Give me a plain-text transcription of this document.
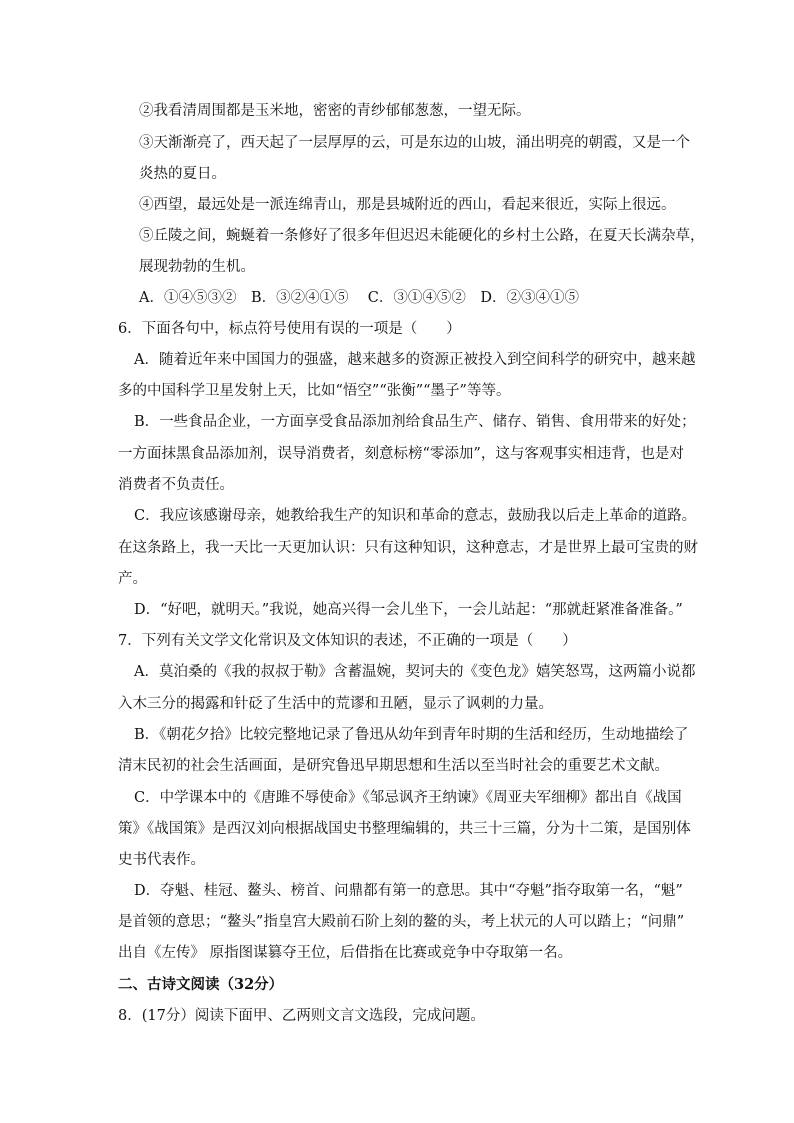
②我看清周围都是玉米地，密密的青纱郁郁葱葱，一望无际。
③天渐渐亮了，西天起了一层厚厚的云，可是东边的山坡，涌出明亮的朝霞，又是一个
炎热的夏日。
④西望，最远处是一派连绵青山，那是县城附近的西山，看起来很近，实际上很远。
⑤丘陵之间，蜿蜒着一条修好了很多年但迟迟未能硬化的乡村土公路，在夏天长满杂草，
展现勃勃的生机。
A．①④⑤③②　B．③②④①⑤　 C．③①④⑤②　D．②③④①⑤
6．下面各句中，标点符号使用有误的一项是（　　）
A．随着近年来中国国力的强盛，越来越多的资源正被投入到空间科学的研究中，越来越
多的中国科学卫星发射上天，比如“悟空”“张衡”“墨子”等等。
B．一些食品企业，一方面享受食品添加剂给食品生产、储存、销售、食用带来的好处；
一方面抹黑食品添加剂，误导消费者，刻意标榜“零添加”，这与客观事实相违背，也是对
消费者不负责任。
C．我应该感谢母亲，她教给我生产的知识和革命的意志，鼓励我以后走上革命的道路。
在这条路上，我一天比一天更加认识：只有这种知识，这种意志，才是世界上最可宝贵的财
产。
D．“好吧，就明天。”我说，她高兴得一会儿坐下，一会儿站起：“那就赶紧准备准备。”
7．下列有关文学文化常识及文体知识的表述，不正确的一项是（　　）
A．莫泊桑的《我的叔叔于勒》含蓄温婉，契诃夫的《变色龙》嬉笑怒骂，这两篇小说都
入木三分的揭露和针砭了生活中的荒谬和丑陋，显示了讽刺的力量。
B．《朝花夕拾》比较完整地记录了鲁迅从幼年到青年时期的生活和经历，生动地描绘了
清末民初的社会生活画面，是研究鲁迅早期思想和生活以至当时社会的重要艺术文献。
C．中学课本中的《唐雎不辱使命》《邹忌讽齐王纳谏》《周亚夫军细柳》都出自《战国
策》《战国策》是西汉刘向根据战国史书整理编辑的，共三十三篇，分为十二策，是国别体
史书代表作。
D．夺魁、桂冠、鳌头、榜首、问鼎都有第一的意思。其中“夺魁”指夺取第一名，“魁”
是首领的意思；“鳌头”指皇宫大殿前石阶上刻的鳌的头，考上状元的人可以踏上；“问鼎”
出自《左传》 原指图谋篡夺王位，后借指在比赛或竞争中夺取第一名。
二、古诗文阅读（32分）
8．(17分）阅读下面甲、乙两则文言文选段，完成问题。
